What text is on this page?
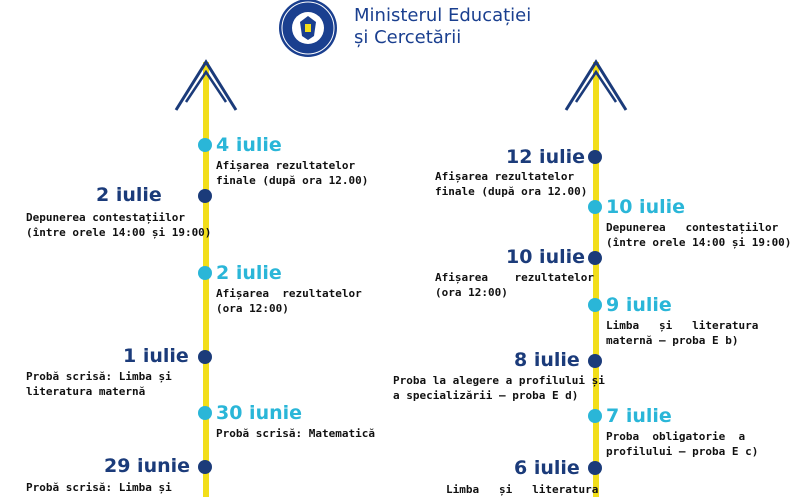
Ministerul Educației
și Cercetării
4 iulie
Afișarea rezultatelor
finale (după ora 12.00)
2 iulie
Depunerea contestațiilor
(între orele 14:00 și 19:00)
2 iulie
Afișarea  rezultatelor
(ora 12:00)
1 iulie
Probă scrisă: Limba și
literatura maternă
30 iunie
Probă scrisă: Matematică
29 iunie
Probă scrisă: Limba și
12 iulie
Afișarea rezultatelor
finale (după ora 12.00)
10 iulie
Depunerea   contestațiilor
(între orele 14:00 și 19:00)
10 iulie
Afișarea    rezultatelor
(ora 12:00)
9 iulie
Limba   și   literatura
maternă – proba E b)
8 iulie
Proba la alegere a profilului și
a specializării – proba E d)
7 iulie
Proba  obligatorie  a
profilului – proba E c)
6 iulie
Limba   și   literatura
